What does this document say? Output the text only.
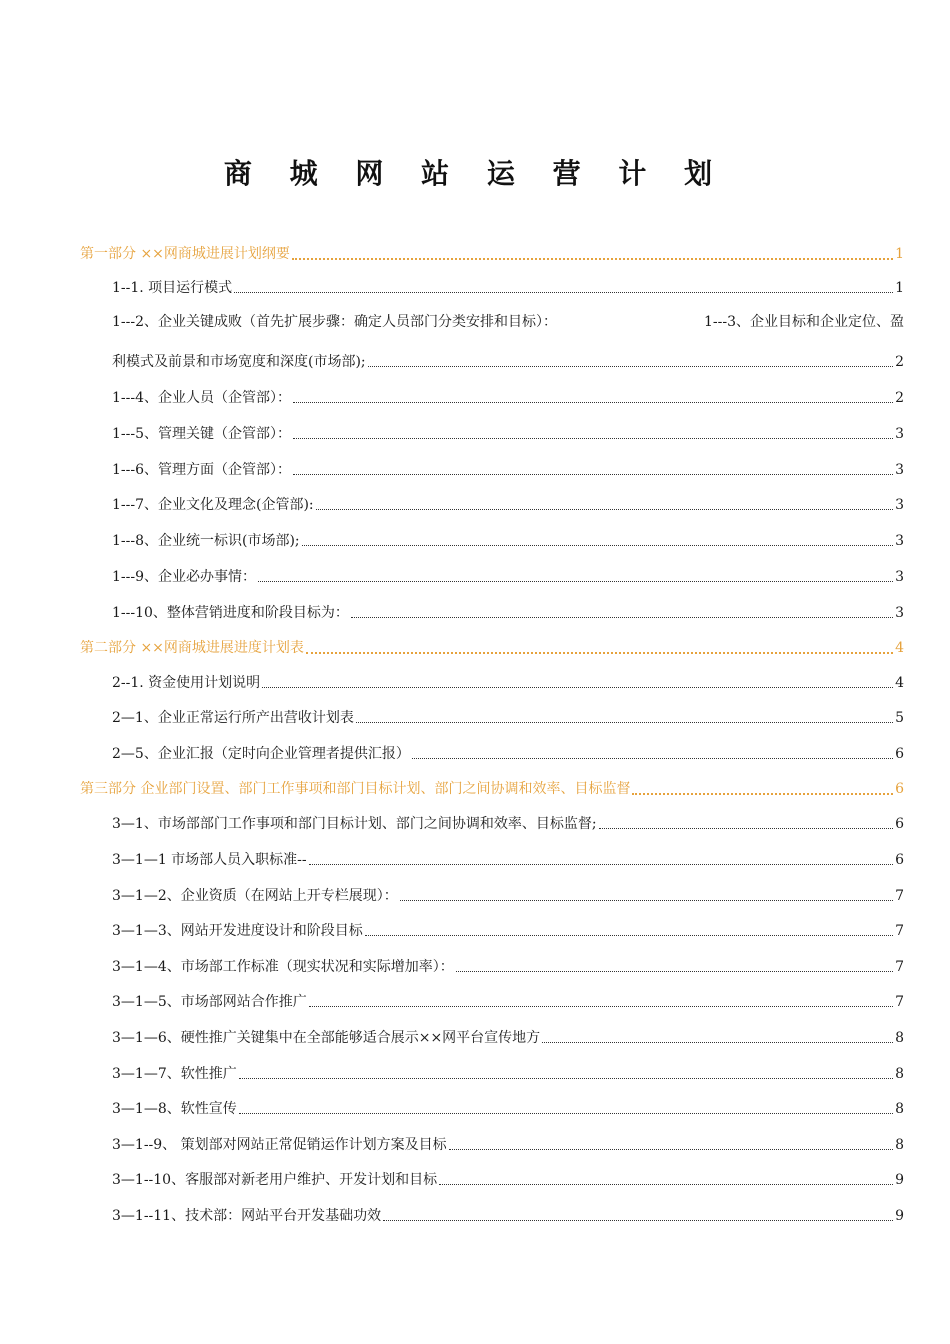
商 城 网 站 运 营 计 划
第一部分 ××网商城进展计划纲要	1
1--1. 项目运行模式	1
1---2、企业关键成败（首先扩展步骤：确定人员部门分类安排和目标）：	1---3、企业目标和企业定位、盈
利模式及前景和市场宽度和深度(市场部);	2
1---4、企业人员（企管部）：	2
1---5、管理关键（企管部）：	3
1---6、管理方面（企管部）：	3
1---7、企业文化及理念(企管部):	3
1---8、企业统一标识(市场部);	3
1---9、企业必办事情：	3
1---10、整体营销进度和阶段目标为：	3
第二部分 ××网商城进展进度计划表	4
2--1. 资金使用计划说明	4
2—1、企业正常运行所产出营收计划表	5
2—5、企业汇报（定时向企业管理者提供汇报）	6
第三部分 企业部门设置、部门工作事项和部门目标计划、部门之间协调和效率、目标监督	6
3—1、市场部部门工作事项和部门目标计划、部门之间协调和效率、目标监督;	6
3—1—1 市场部人员入职标准--	6
3—1—2、企业资质（在网站上开专栏展现）：	7
3—1—3、网站开发进度设计和阶段目标	7
3—1—4、市场部工作标准（现实状况和实际增加率）：	7
3—1—5、市场部网站合作推广	7
3—1—6、硬性推广关键集中在全部能够适合展示××网平台宣传地方	8
3—1—7、软性推广	8
3—1—8、软性宣传	8
3—1--9、 策划部对网站正常促销运作计划方案及目标	8
3—1--10、客服部对新老用户维护、开发计划和目标	9
3—1--11、技术部：网站平台开发基础功效	9
